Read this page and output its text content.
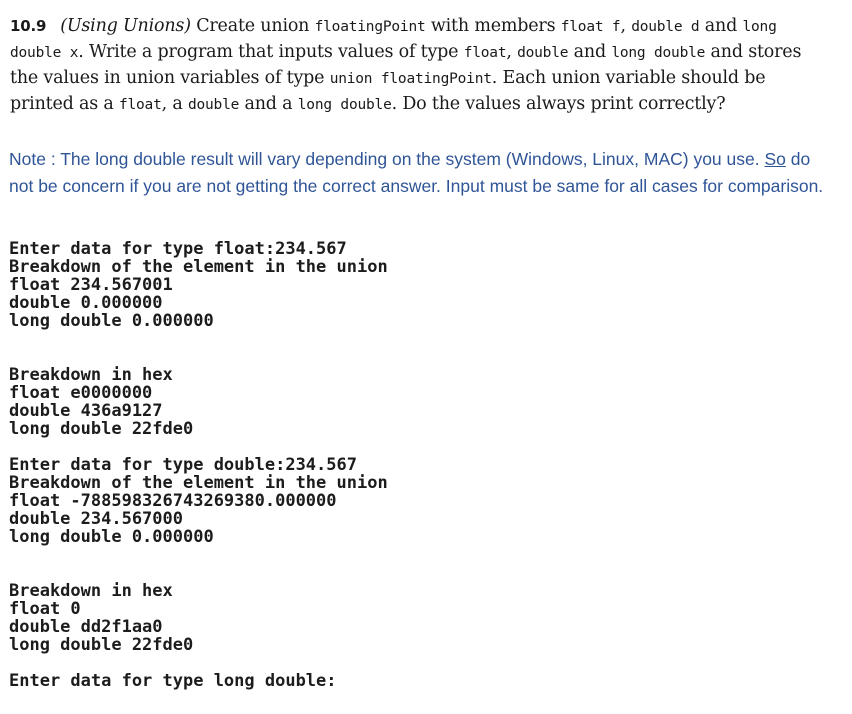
10.9 (Using Unions) Create union floatingPoint with members float f, double d and long double x. Write a program that inputs values of type float, double and long double and stores the values in union variables of type union floatingPoint. Each union variable should be printed as a float, a double and a long double. Do the values always print correctly?
Note : The long double result will vary depending on the system (Windows, Linux, MAC) you use. So do not be concern if you are not getting the correct answer. Input must be same for all cases for comparison.
Enter data for type float:234.567
Breakdown of the element in the union
float 234.567001
double 0.000000
long double 0.000000
Breakdown in hex
float e0000000
double 436a9127
long double 22fde0
Enter data for type double:234.567
Breakdown of the element in the union
float -788598326743269380.000000
double 234.567000
long double 0.000000
Breakdown in hex
float 0
double dd2f1aa0
long double 22fde0
Enter data for type long double:
